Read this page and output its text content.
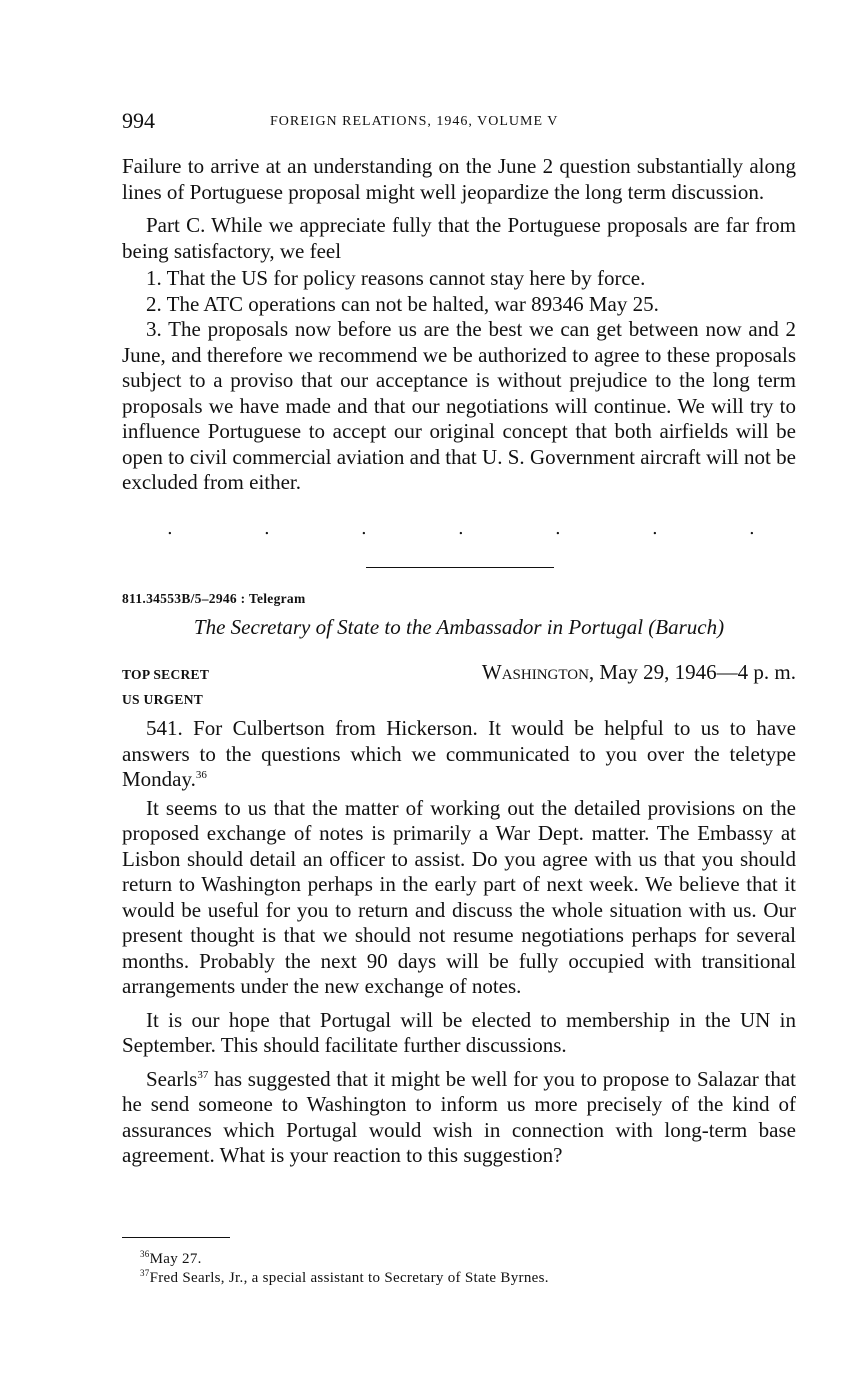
994	FOREIGN RELATIONS, 1946, VOLUME V

Failure to arrive at an understanding on the June 2 question substantially along lines of Portuguese proposal might well jeopardize the long term discussion.

Part C. While we appreciate fully that the Portuguese proposals are far from being satisfactory, we feel

1. That the US for policy reasons cannot stay here by force.

2. The ATC operations can not be halted, war 89346 May 25.

3. The proposals now before us are the best we can get between now and 2 June, and therefore we recommend we be authorized to agree to these proposals subject to a proviso that our acceptance is without prejudice to the long term proposals we have made and that our negotiations will continue. We will try to influence Portuguese to accept our original concept that both airfields will be open to civil commercial aviation and that U. S. Government aircraft will not be excluded from either.

.	.	.	.	.	.	.
811.34553B/5–2946 : Telegram
The Secretary of State to the Ambassador in Portugal (Baruch)
TOP SECRET
US URGENT
Washington, May 29, 1946—4 p. m.

541. For Culbertson from Hickerson. It would be helpful to us to have answers to the questions which we communicated to you over the teletype Monday.$^{36}$

It seems to us that the matter of working out the detailed provisions on the proposed exchange of notes is primarily a War Dept. matter. The Embassy at Lisbon should detail an officer to assist. Do you agree with us that you should return to Washington perhaps in the early part of next week. We believe that it would be useful for you to return and discuss the whole situation with us. Our present thought is that we should not resume negotiations perhaps for several months. Probably the next 90 days will be fully occupied with transitional arrangements under the new exchange of notes.

It is our hope that Portugal will be elected to membership in the UN in September. This should facilitate further discussions.

Searls$^{37}$ has suggested that it might be well for you to propose to Salazar that he send someone to Washington to inform us more precisely of the kind of assurances which Portugal would wish in connection with long-term base agreement. What is your reaction to this suggestion?

$^{36}$May 27.
$^{37}$Fred Searls, Jr., a special assistant to Secretary of State Byrnes.
